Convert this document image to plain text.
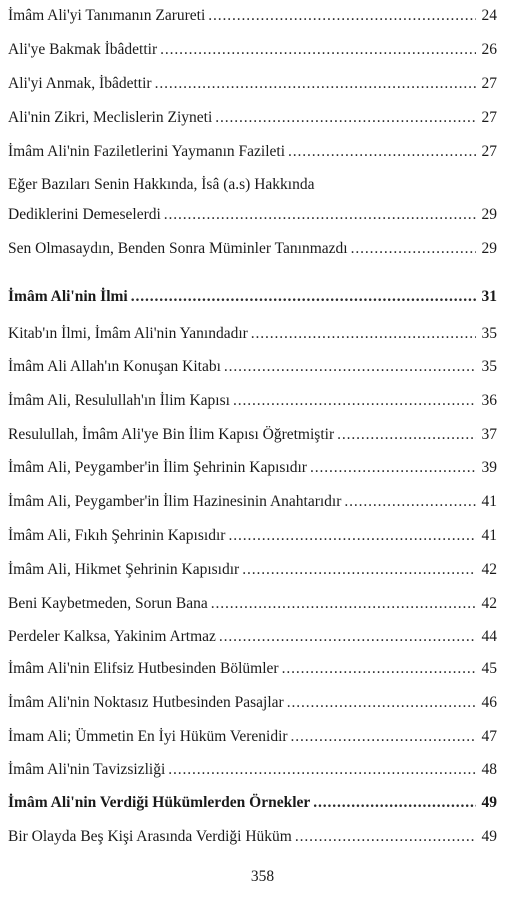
İmâm Ali'yi Tanımanın Zarureti . . .	24
Ali'ye Bakmak İbâdettir . . .	26
Ali'yi Anmak, İbâdettir . . .	27
Ali'nin Zikri, Meclislerin Ziyneti . . .	27
İmâm Ali'nin Faziletlerini Yaymanın Fazileti . . .	27
Eğer Bazıları Senin Hakkında, İsâ (a.s) Hakkında
Dediklerini Demeselerdi . . .	29
Sen Olmasaydın, Benden Sonra Müminler Tanınmazdı . . .	29
İmâm Ali'nin İlmi . . .	31
Kitab'ın İlmi, İmâm Ali'nin Yanındadır . . .	35
İmâm Ali Allah'ın Konuşan Kitabı . . .	35
İmâm Ali, Resulullah'ın İlim Kapısı . . .	36
Resulullah, İmâm Ali'ye Bin İlim Kapısı Öğretmiştir . . .	37
İmâm Ali, Peygamber'in İlim Şehrinin Kapısıdır . . .	39
İmâm Ali, Peygamber'in İlim Hazinesinin Anahtarıdır . . .	41
İmâm Ali, Fıkıh Şehrinin Kapısıdır . . .	41
İmâm Ali, Hikmet Şehrinin Kapısıdır . . .	42
Beni Kaybetmeden, Sorun Bana . . .	42
Perdeler Kalksa, Yakinim Artmaz . . .	44
İmâm Ali'nin Elifsiz Hutbesinden Bölümler . . .	45
İmâm Ali'nin Noktasız Hutbesinden Pasajlar . . .	46
İmam Ali; Ümmetin En İyi Hüküm Verenidir . . .	47
İmâm Ali'nin Tavizsizliği . . .	48
İmâm Ali'nin Verdiği Hükümlerden Örnekler . . .	49
Bir Olayda Beş Kişi Arasında Verdiği Hüküm . . .	49
358
